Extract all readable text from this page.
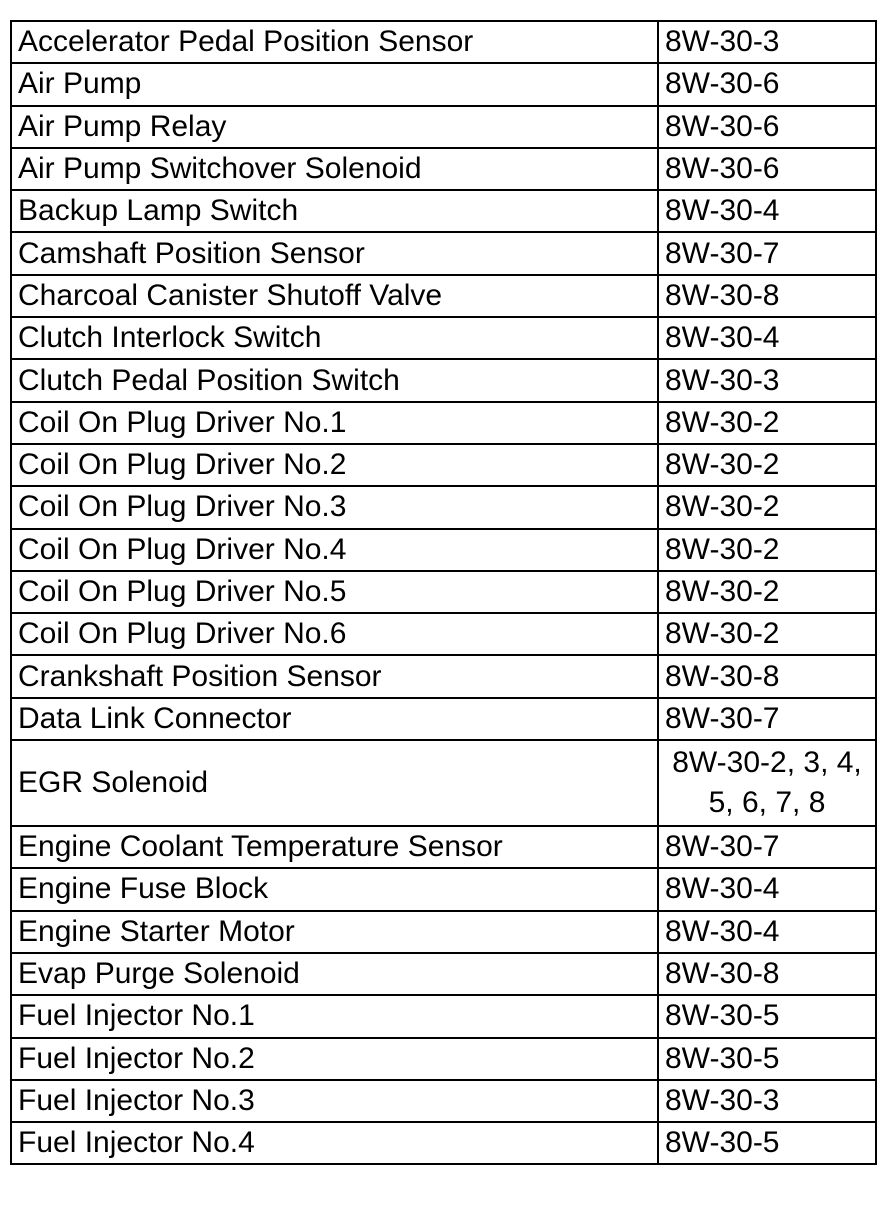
Accelerator Pedal Position Sensor	8W-30-3
Air Pump	8W-30-6
Air Pump Relay	8W-30-6
Air Pump Switchover Solenoid	8W-30-6
Backup Lamp Switch	8W-30-4
Camshaft Position Sensor	8W-30-7
Charcoal Canister Shutoff Valve	8W-30-8
Clutch Interlock Switch	8W-30-4
Clutch Pedal Position Switch	8W-30-3
Coil On Plug Driver No.1	8W-30-2
Coil On Plug Driver No.2	8W-30-2
Coil On Plug Driver No.3	8W-30-2
Coil On Plug Driver No.4	8W-30-2
Coil On Plug Driver No.5	8W-30-2
Coil On Plug Driver No.6	8W-30-2
Crankshaft Position Sensor	8W-30-8
Data Link Connector	8W-30-7
EGR Solenoid	8W-30-2, 3, 4, 5, 6, 7, 8
Engine Coolant Temperature Sensor	8W-30-7
Engine Fuse Block	8W-30-4
Engine Starter Motor	8W-30-4
Evap Purge Solenoid	8W-30-8
Fuel Injector No.1	8W-30-5
Fuel Injector No.2	8W-30-5
Fuel Injector No.3	8W-30-3
Fuel Injector No.4	8W-30-5
